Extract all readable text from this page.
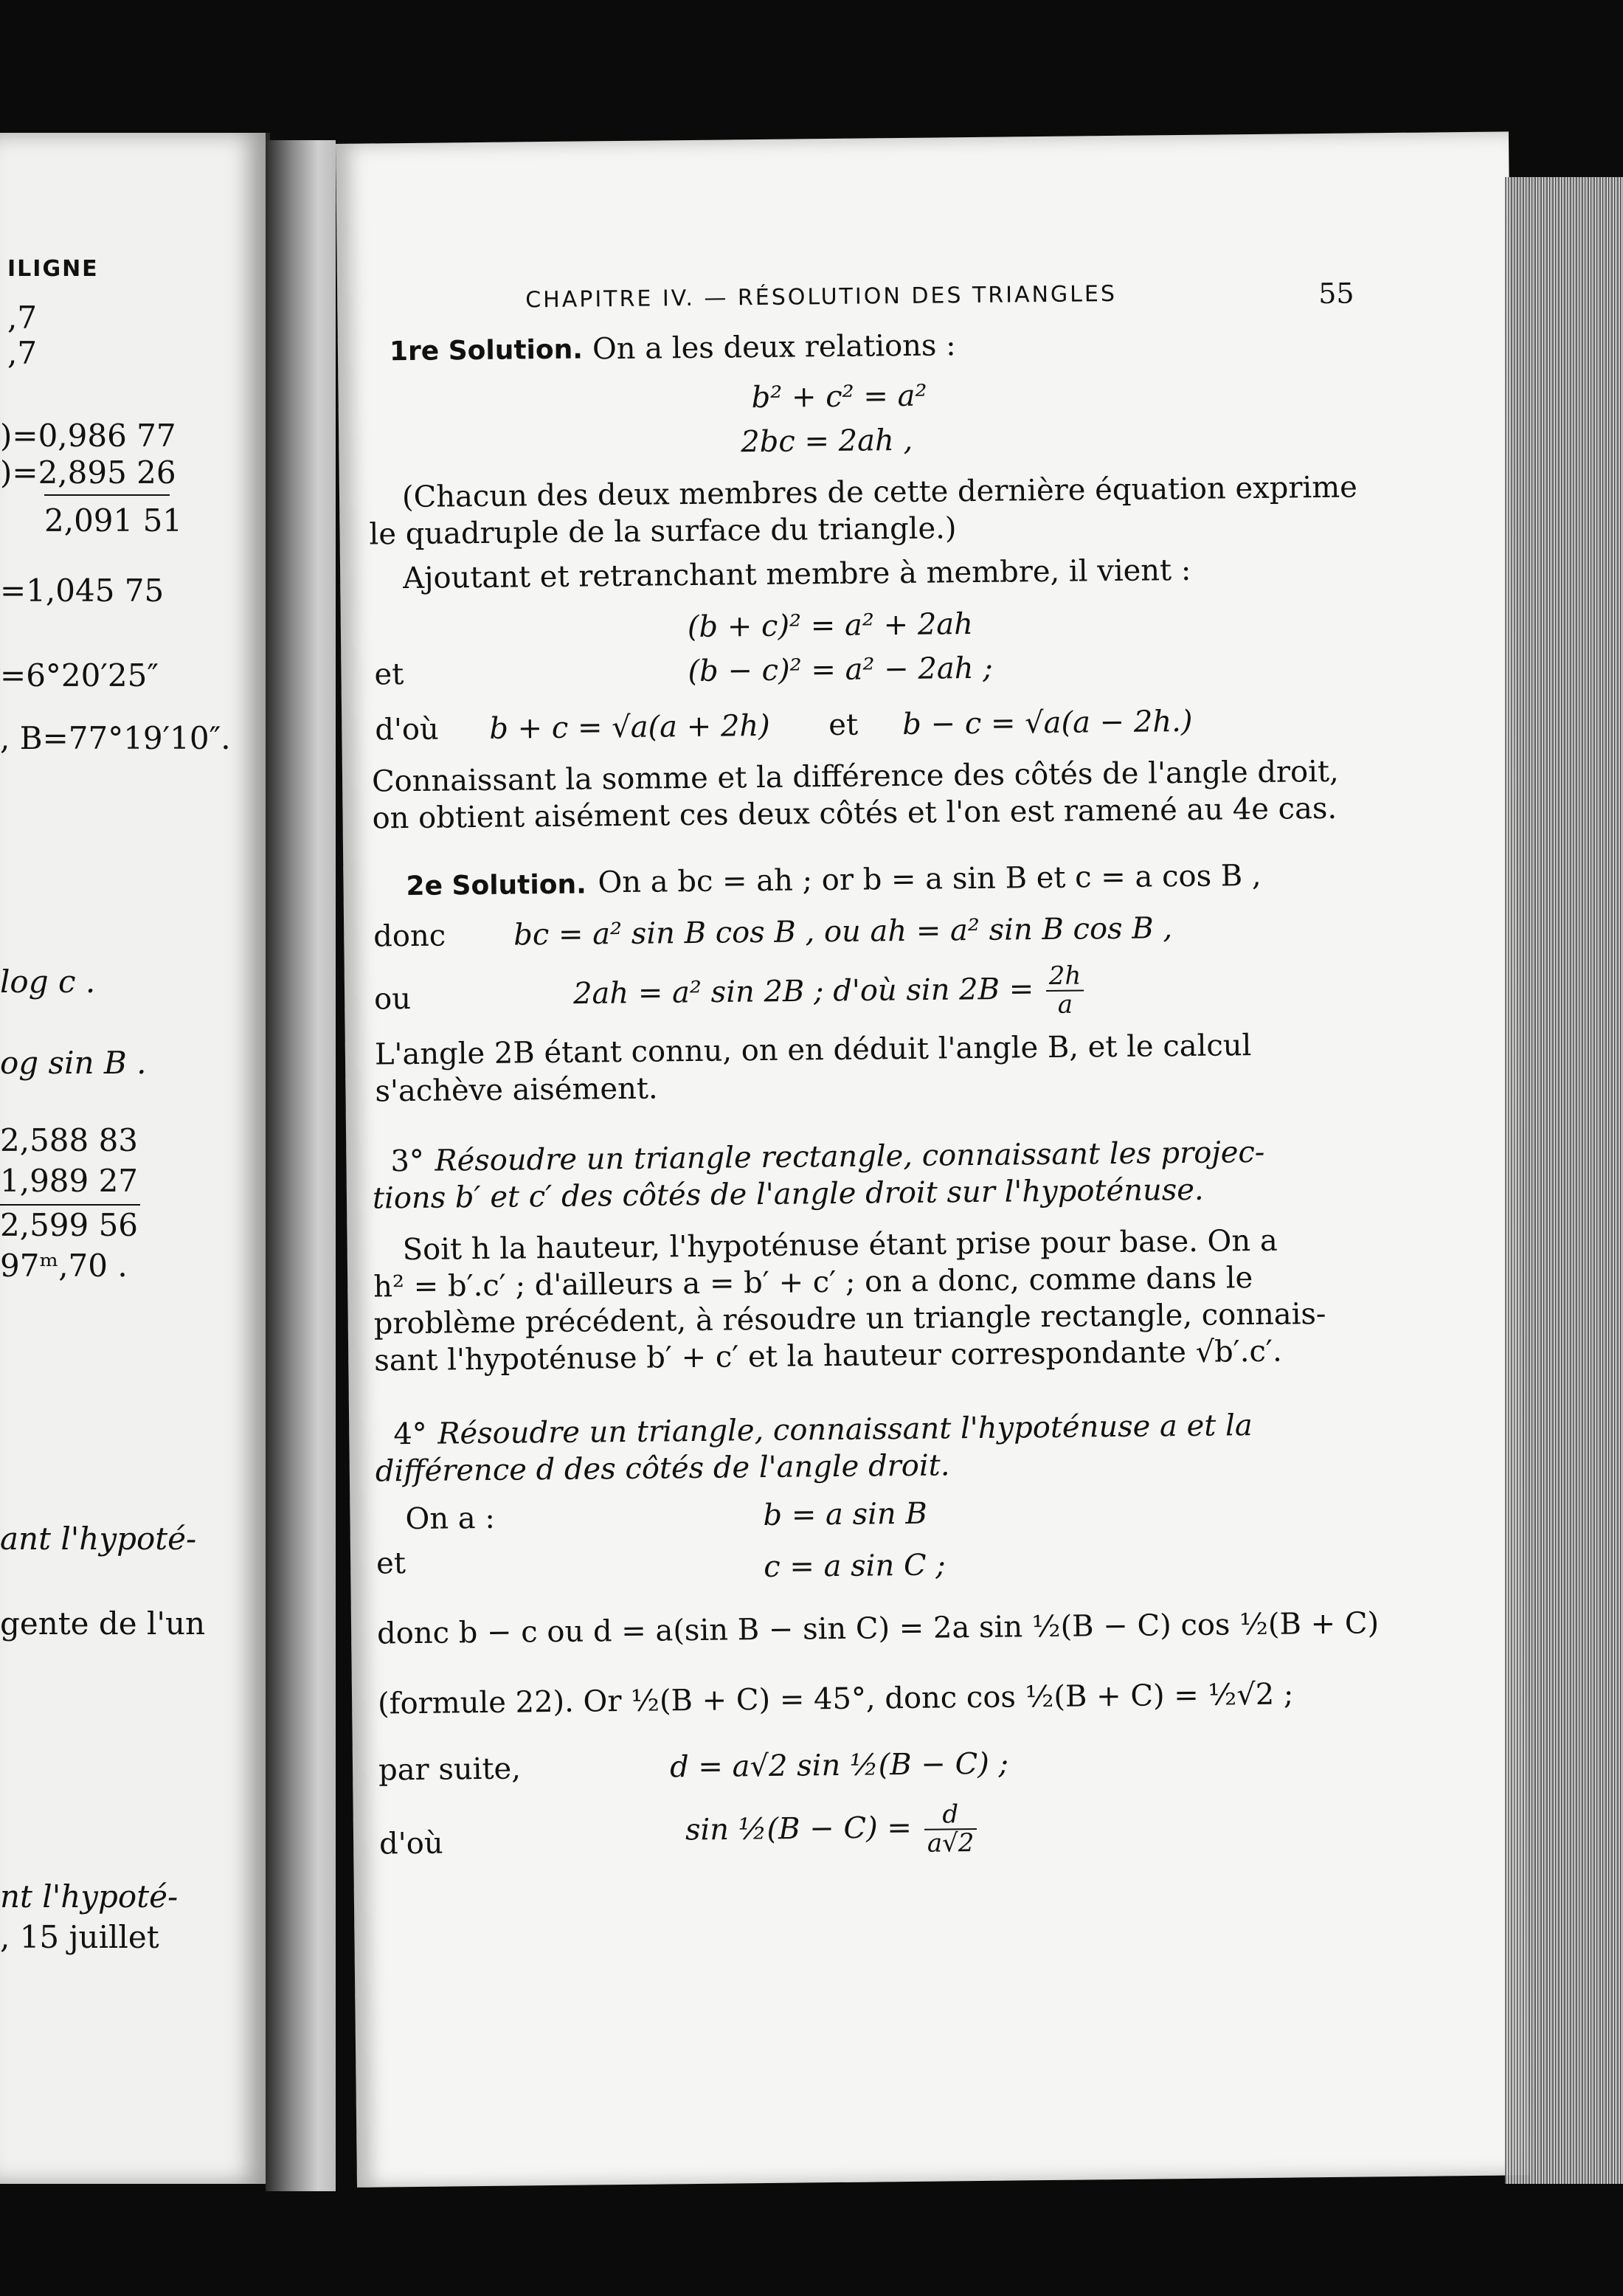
ILIGNE
,7
,7
)=0,986 77
)=2,895 26
2,091 51
=1,045 75
=6°20′25″
, B=77°19′10″.
log c .
og sin B .
2,588 83
1,989 27
2,599 56
97ᵐ,70 .
ant l'hypoté-
gente de l'un
nt l'hypoté-
, 15 juillet
CHAPITRE IV. — RÉSOLUTION DES TRIANGLES	55
1re Solution. On a les deux relations :
b² + c² = a²
2bc = 2ah ,
(Chacun des deux membres de cette dernière équation exprime
le quadruple de la surface du triangle.)
Ajoutant et retranchant membre à membre, il vient :
(b + c)² = a² + 2ah
et	(b − c)² = a² − 2ah ;
d'où b + c = √a(a + 2h) et b − c = √a(a − 2h.)
Connaissant la somme et la différence des côtés de l'angle droit,
on obtient aisément ces deux côtés et l'on est ramené au 4e cas.
2e Solution. On a bc = ah ; or b = a sin B et c = a cos B ,
donc bc = a² sin B cos B , ou ah = a² sin B cos B ,
ou	2ah = a² sin 2B ; d'où $\sin 2B = \frac{2h}{a}$
L'angle 2B étant connu, on en déduit l'angle B, et le calcul
s'achève aisément.
3° Résoudre un triangle rectangle, connaissant les projec-
tions b′ et c′ des côtés de l'angle droit sur l'hypoténuse.
Soit h la hauteur, l'hypoténuse étant prise pour base. On a
h² = b′.c′ ; d'ailleurs a = b′ + c′ ; on a donc, comme dans le
problème précédent, à résoudre un triangle rectangle, connais-
sant l'hypoténuse b′ + c′ et la hauteur correspondante √b′.c′.
4° Résoudre un triangle, connaissant l'hypoténuse a et la
différence d des côtés de l'angle droit.
On a :	b = a sin B
et	c = a sin C ;
donc b − c ou d = a(sin B − sin C) = 2a sin ½(B − C) cos ½(B + C)
(formule 22). Or ½(B + C) = 45°, donc cos ½(B + C) = ½√2 ;
par suite,	d = a√2 sin ½(B − C) ;
d'où	sin ½(B − $C) = \frac{d}{a√2}$
